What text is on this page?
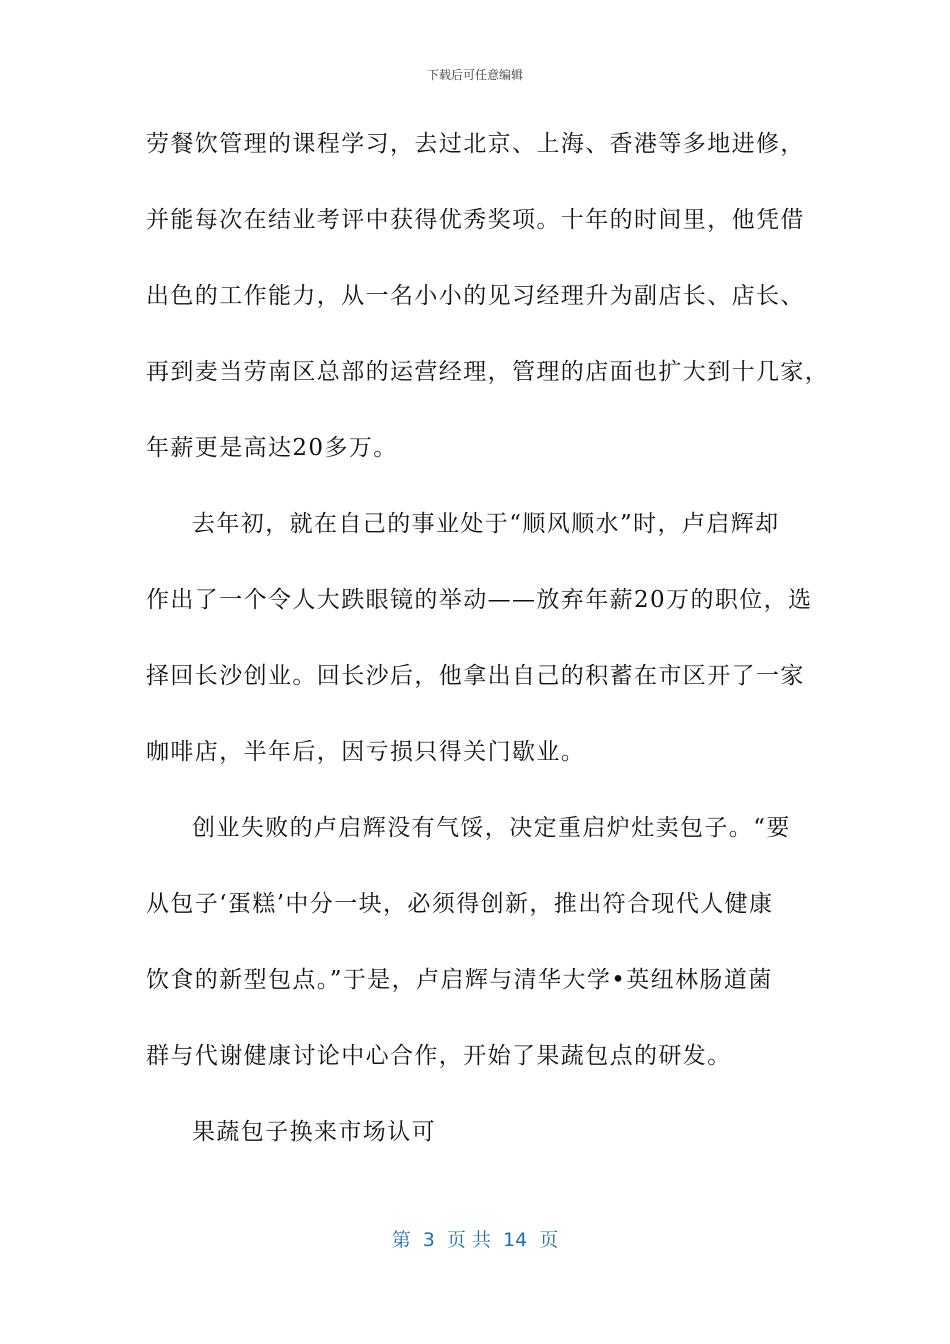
下载后可任意编辑
劳餐饮管理的课程学习，去过北京、上海、香港等多地进修，
并能每次在结业考评中获得优秀奖项。十年的时间里，他凭借
出色的工作能力，从一名小小的见习经理升为副店长、店长、
再到麦当劳南区总部的运营经理，管理的店面也扩大到十几家，
年薪更是高达20多万。
去年初，就在自己的事业处于“顺风顺水”时，卢启辉却
作出了一个令人大跌眼镜的举动——放弃年薪20万的职位，选
择回长沙创业。回长沙后，他拿出自己的积蓄在市区开了一家
咖啡店，半年后，因亏损只得关门歇业。
创业失败的卢启辉没有气馁，决定重启炉灶卖包子。“要
从包子‘蛋糕’中分一块，必须得创新，推出符合现代人健康
饮食的新型包点。”于是，卢启辉与清华大学•英纽林肠道菌
群与代谢健康讨论中心合作，开始了果蔬包点的研发。
果蔬包子换来市场认可
第  3  页 共  14  页
